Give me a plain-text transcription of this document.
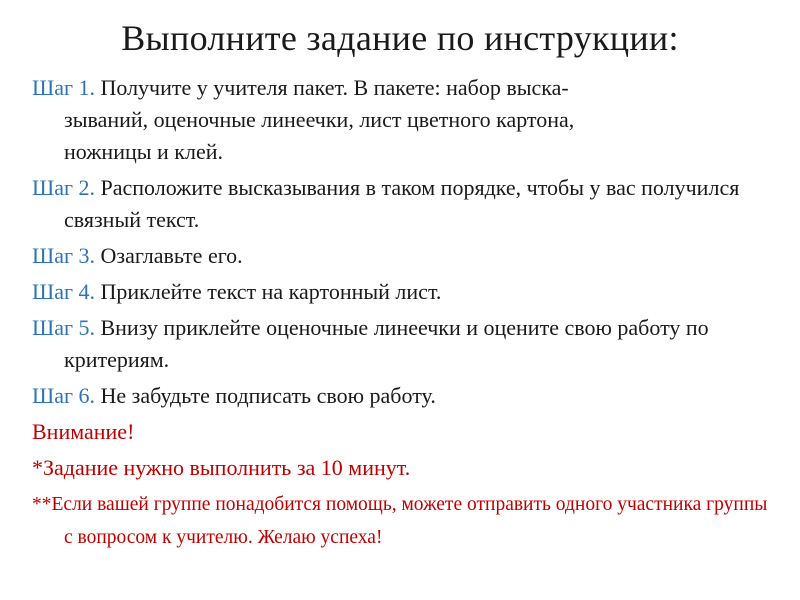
Выполните задание по инструкции:
Шаг 1. Получите у учителя пакет. В пакете: набор выска-
зываний, оценочные линеечки, лист цветного картона,
ножницы и клей.
Шаг 2. Расположите высказывания в таком порядке, чтобы у вас получился связный текст.
Шаг 3. Озаглавьте его.
Шаг 4. Приклейте текст на картонный лист.
Шаг 5. Внизу приклейте оценочные линеечки и оцените свою работу по критериям.
Шаг 6. Не забудьте подписать свою работу.
Внимание!
*Задание нужно выполнить за 10 минут.
**Если вашей группе понадобится помощь, можете отправить одного участника группы с вопросом к учителю. Желаю успеха!
